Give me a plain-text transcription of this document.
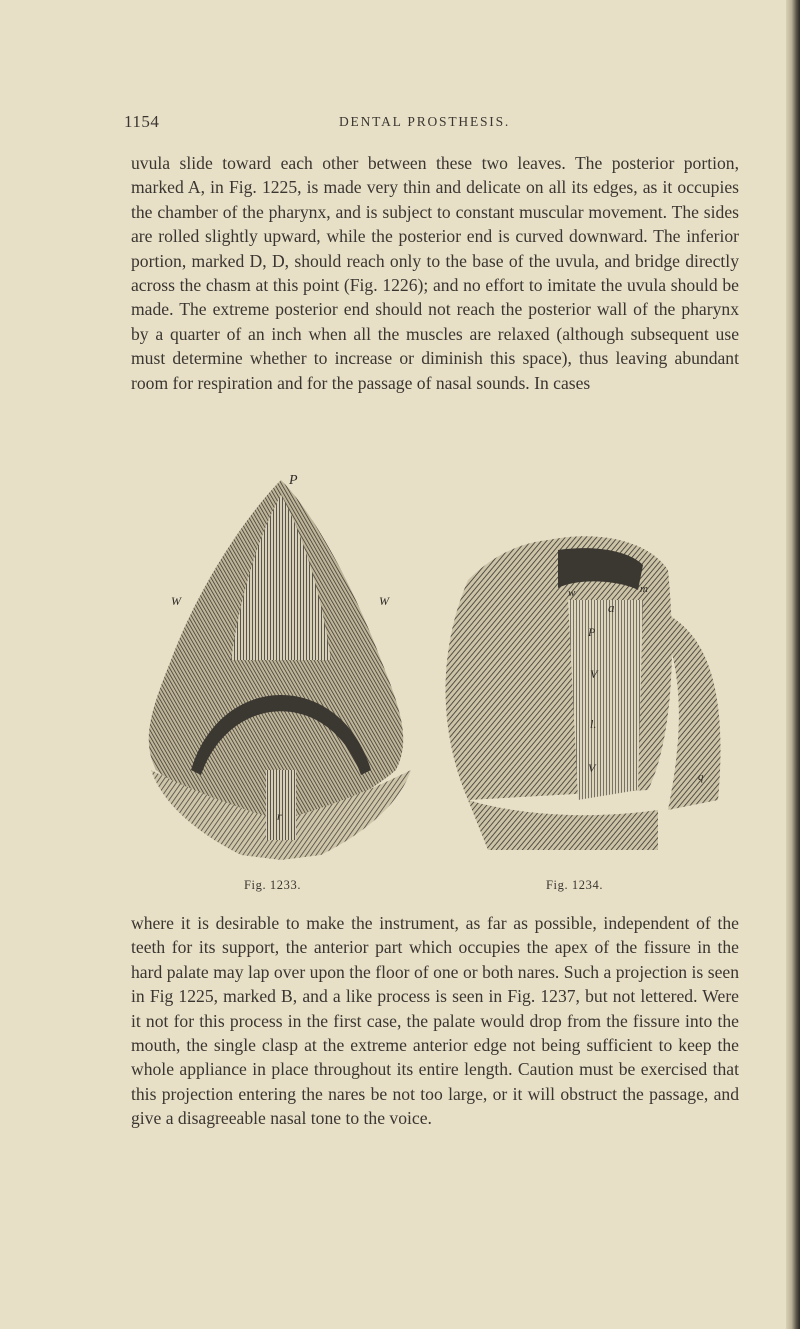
1154	DENTAL PROSTHESIS.

uvula slide toward each other between these two leaves. The posterior portion, marked A, in Fig. 1225, is made very thin and delicate on all its edges, as it occupies the chamber of the pharynx, and is subject to constant muscular movement. The sides are rolled slightly upward, while the posterior end is curved downward. The inferior portion, marked D, D, should reach only to the base of the uvula, and bridge directly across the chasm at this point (Fig. 1226); and no effort to imitate the uvula should be made. The extreme posterior end should not reach the posterior wall of the pharynx by a quarter of an inch when all the muscles are relaxed (although subsequent use must determine whether to increase or diminish this space), thus leaving abundant room for respiration and for the passage of nasal sounds. In cases

P
W	W
r
a
P
V
l.
V
w	m
q
Fig. 1233.	Fig. 1234.

where it is desirable to make the instrument, as far as possible, independent of the teeth for its support, the anterior part which occupies the apex of the fissure in the hard palate may lap over upon the floor of one or both nares. Such a projection is seen in Fig 1225, marked B, and a like process is seen in Fig. 1237, but not lettered. Were it not for this process in the first case, the palate would drop from the fissure into the mouth, the single clasp at the extreme anterior edge not being sufficient to keep the whole appliance in place throughout its entire length. Caution must be exercised that this projection entering the nares be not too large, or it will obstruct the passage, and give a disagreeable nasal tone to the voice.
